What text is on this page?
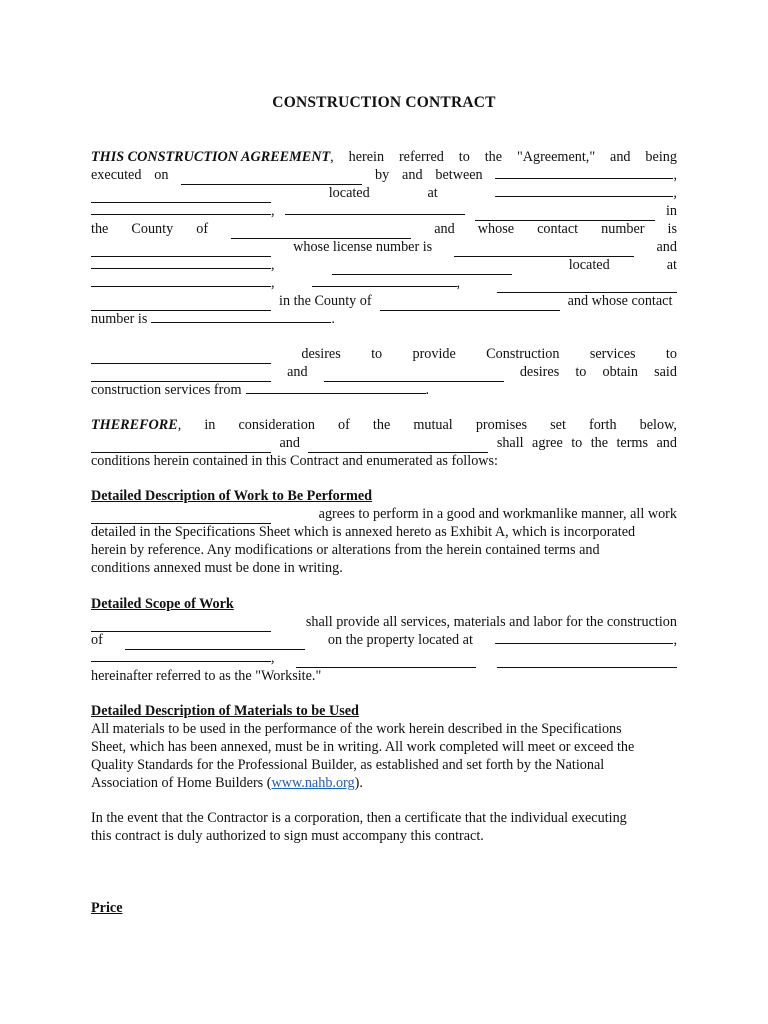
CONSTRUCTION CONTRACT
THIS CONSTRUCTION AGREEMENT, herein referred to the "Agreement," and being
executed on	by and between	,
located	at	,
,	in
the County of	and whose contact number is
whose license number is	and
,	located	at
,	,
in the County of	and whose contact
number is	.
desires to provide Construction services to
and	desires to obtain said
construction services from	.
THEREFORE, in consideration of the mutual promises set forth below,
and	shall agree to the terms and
conditions herein contained in this Contract and enumerated as follows:
Detailed Description of Work to Be Performed
agrees to perform in a good and workmanlike manner, all work
detailed in the Specifications Sheet which is annexed hereto as Exhibit A, which is incorporated
herein by reference. Any modifications or alterations from the herein contained terms and
conditions annexed must be done in writing.
Detailed Scope of Work
shall provide all services, materials and labor for the construction
of	on the property located at	,
,
hereinafter referred to as the "Worksite."
Detailed Description of Materials to be Used
All materials to be used in the performance of the work herein described in the Specifications
Sheet, which has been annexed, must be in writing. All work completed will meet or exceed the
Quality Standards for the Professional Builder, as established and set forth by the National
Association of Home Builders (www.nahb.org).
In the event that the Contractor is a corporation, then a certificate that the individual executing
this contract is duly authorized to sign must accompany this contract.
Price
